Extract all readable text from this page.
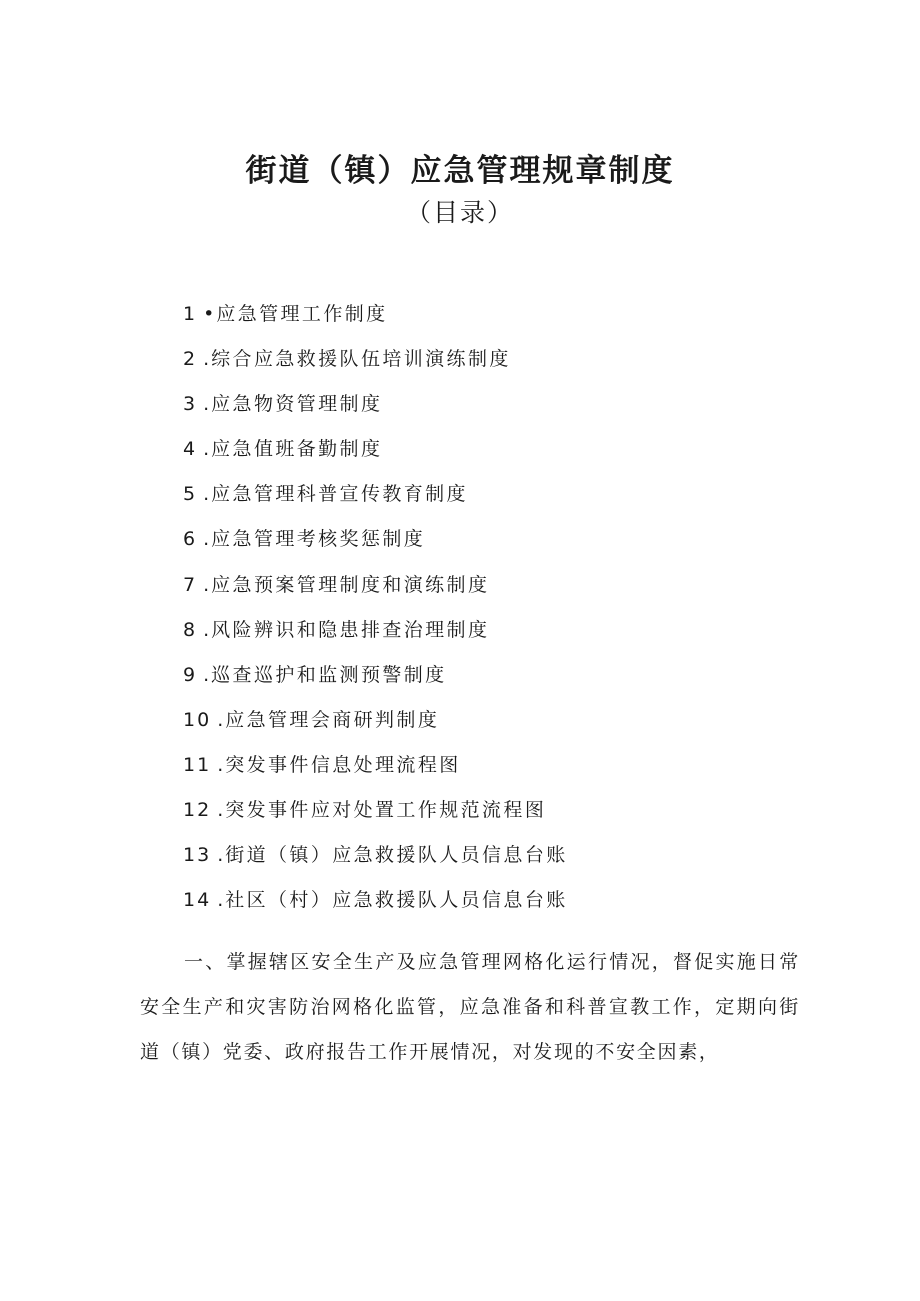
街道（镇）应急管理规章制度
（目录）
1 • 应急管理工作制度
2 . 综合应急救援队伍培训演练制度
3 . 应急物资管理制度
4 . 应急值班备勤制度
5 . 应急管理科普宣传教育制度
6 . 应急管理考核奖惩制度
7 . 应急预案管理制度和演练制度
8 . 风险辨识和隐患排查治理制度
9 . 巡查巡护和监测预警制度
10 . 应急管理会商研判制度
11 . 突发事件信息处理流程图
12 . 突发事件应对处置工作规范流程图
13 . 街道（镇）应急救援队人员信息台账
14 . 社区（村）应急救援队人员信息台账

一、掌握辖区安全生产及应急管理网格化运行情况，督促实施日常安全生产和灾害防治网格化监管，应急准备和科普宣教工作，定期向街道（镇）党委、政府报告工作开展情况，对发现的不安全因素，
